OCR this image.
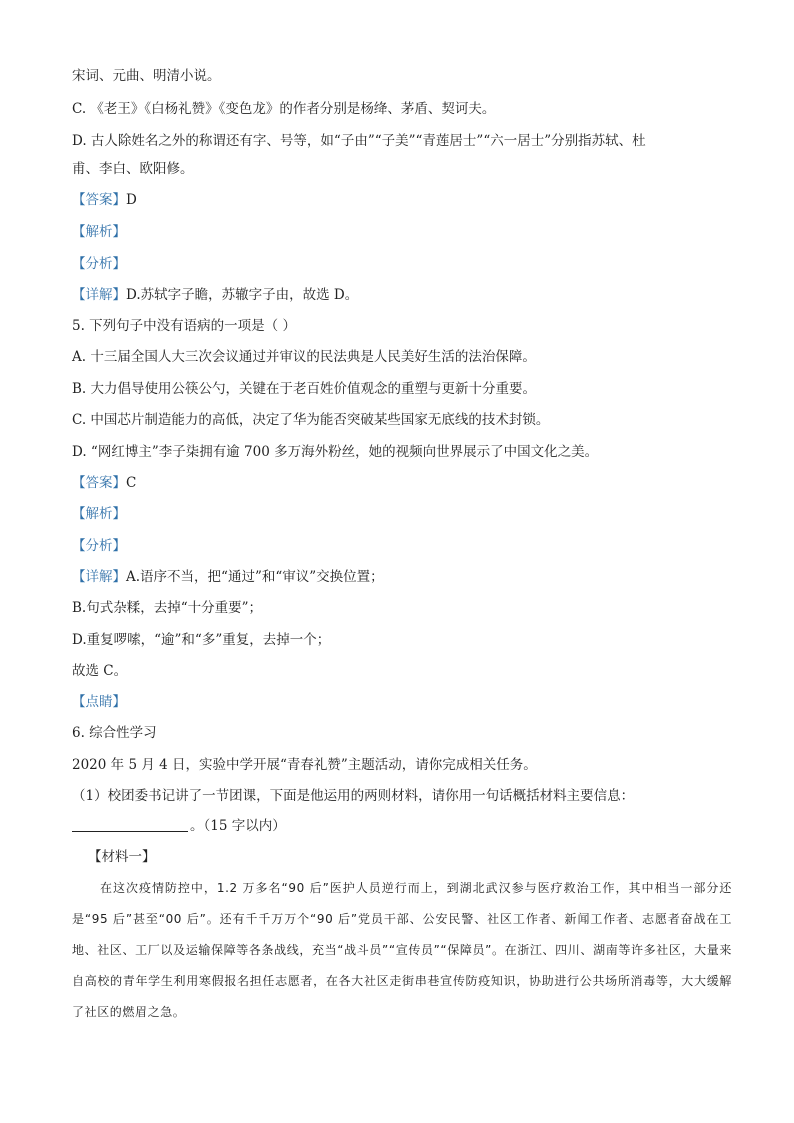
宋词、元曲、明清小说。
C. 《老王》《白杨礼赞》《变色龙》的作者分别是杨绛、茅盾、契诃夫。
D. 古人除姓名之外的称谓还有字、号等，如“子由”“子美”“青莲居士”“六一居士”分别指苏轼、杜
甫、李白、欧阳修。
【答案】D
【解析】
【分析】
【详解】D.苏轼字子瞻，苏辙字子由，故选 D。
5. 下列句子中没有语病的一项是（ ）
A. 十三届全国人大三次会议通过并审议的民法典是人民美好生活的法治保障。
B. 大力倡导使用公筷公勺，关键在于老百姓价值观念的重塑与更新十分重要。
C. 中国芯片制造能力的高低，决定了华为能否突破某些国家无底线的技术封锁。
D. “网红博主”李子柒拥有逾 700 多万海外粉丝，她的视频向世界展示了中国文化之美。
【答案】C
【解析】
【分析】
【详解】A.语序不当，把“通过”和“审议”交换位置；
B.句式杂糅，去掉“十分重要”；
D.重复啰嗦，“逾”和“多”重复，去掉一个；
故选 C。
【点睛】
6. 综合性学习
2020 年 5 月 4 日，实验中学开展“青春礼赞”主题活动，请你完成相关任务。
（1）校团委书记讲了一节团课，下面是他运用的两则材料，请你用一句话概括材料主要信息：
。（15 字以内）
【材料一】
在这次疫情防控中，1.2 万多名“90 后”医护人员逆行而上，到湖北武汉参与医疗救治工作，其中相当一部分还是“95 后”甚至“00 后”。还有千千万万个“90 后”党员干部、公安民警、社区工作者、新闻工作者、志愿者奋战在工地、社区、工厂以及运输保障等各条战线，充当“战斗员”“宣传员”“保障员”。在浙江、四川、湖南等许多社区，大量来自高校的青年学生利用寒假报名担任志愿者，在各大社区走街串巷宣传防疫知识，协助进行公共场所消毒等，大大缓解了社区的燃眉之急。
